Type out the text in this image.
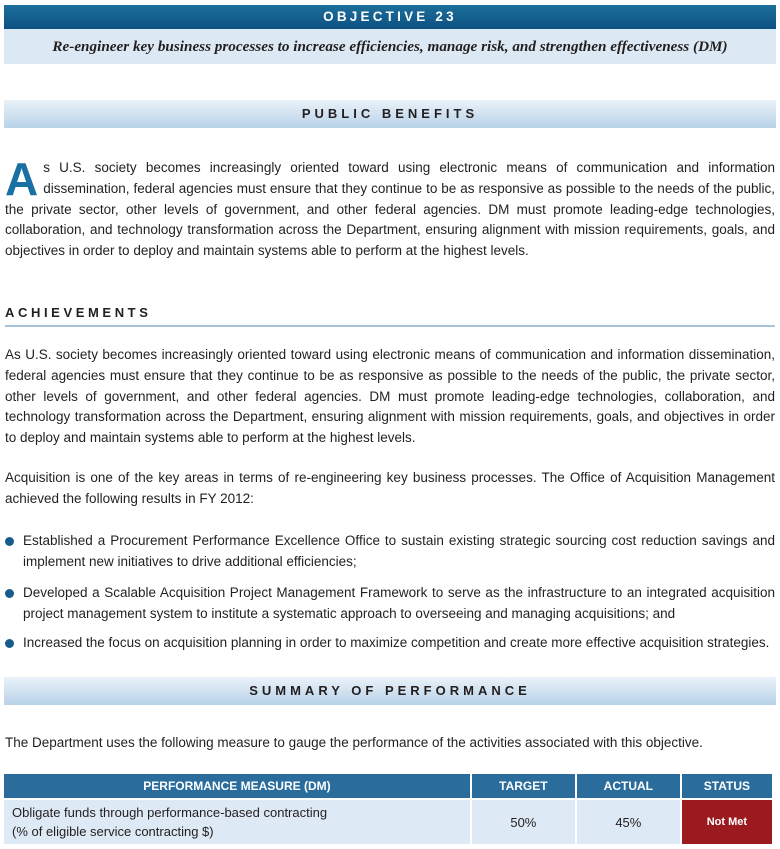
OBJECTIVE 23
Re-engineer key business processes to increase efficiencies, manage risk, and strengthen effectiveness (DM)
PUBLIC BENEFITS

As U.S. society becomes increasingly oriented toward using electronic means of communication and information dissemination, federal agencies must ensure that they continue to be as responsive as possible to the needs of the public, the private sector, other levels of government, and other federal agencies. DM must promote leading-edge technologies, collaboration, and technology transformation across the Department, ensuring alignment with mission requirements, goals, and objectives in order to deploy and maintain systems able to perform at the highest levels.

ACHIEVEMENTS

As U.S. society becomes increasingly oriented toward using electronic means of communication and information dissemination, federal agencies must ensure that they continue to be as responsive as possible to the needs of the public, the private sector, other levels of government, and other federal agencies. DM must promote leading-edge technologies, collaboration, and technology transformation across the Department, ensuring alignment with mission requirements, goals, and objectives in order to deploy and maintain systems able to perform at the highest levels.

Acquisition is one of the key areas in terms of re-engineering key business processes. The Office of Acquisition Management achieved the following results in FY 2012:

Established a Procurement Performance Excellence Office to sustain existing strategic sourcing cost reduction savings and implement new initiatives to drive additional efficiencies;
Developed a Scalable Acquisition Project Management Framework to serve as the infrastructure to an integrated acquisition project management system to institute a systematic approach to overseeing and managing acquisitions; and
Increased the focus on acquisition planning in order to maximize competition and create more effective acquisition strategies.
SUMMARY OF PERFORMANCE

The Department uses the following measure to gauge the performance of the activities associated with this objective.

PERFORMANCE MEASURE (DM)	TARGET	ACTUAL	STATUS
Obligate funds through performance-based contracting
(% of eligible service contracting $)	50%	45%	Not Met
